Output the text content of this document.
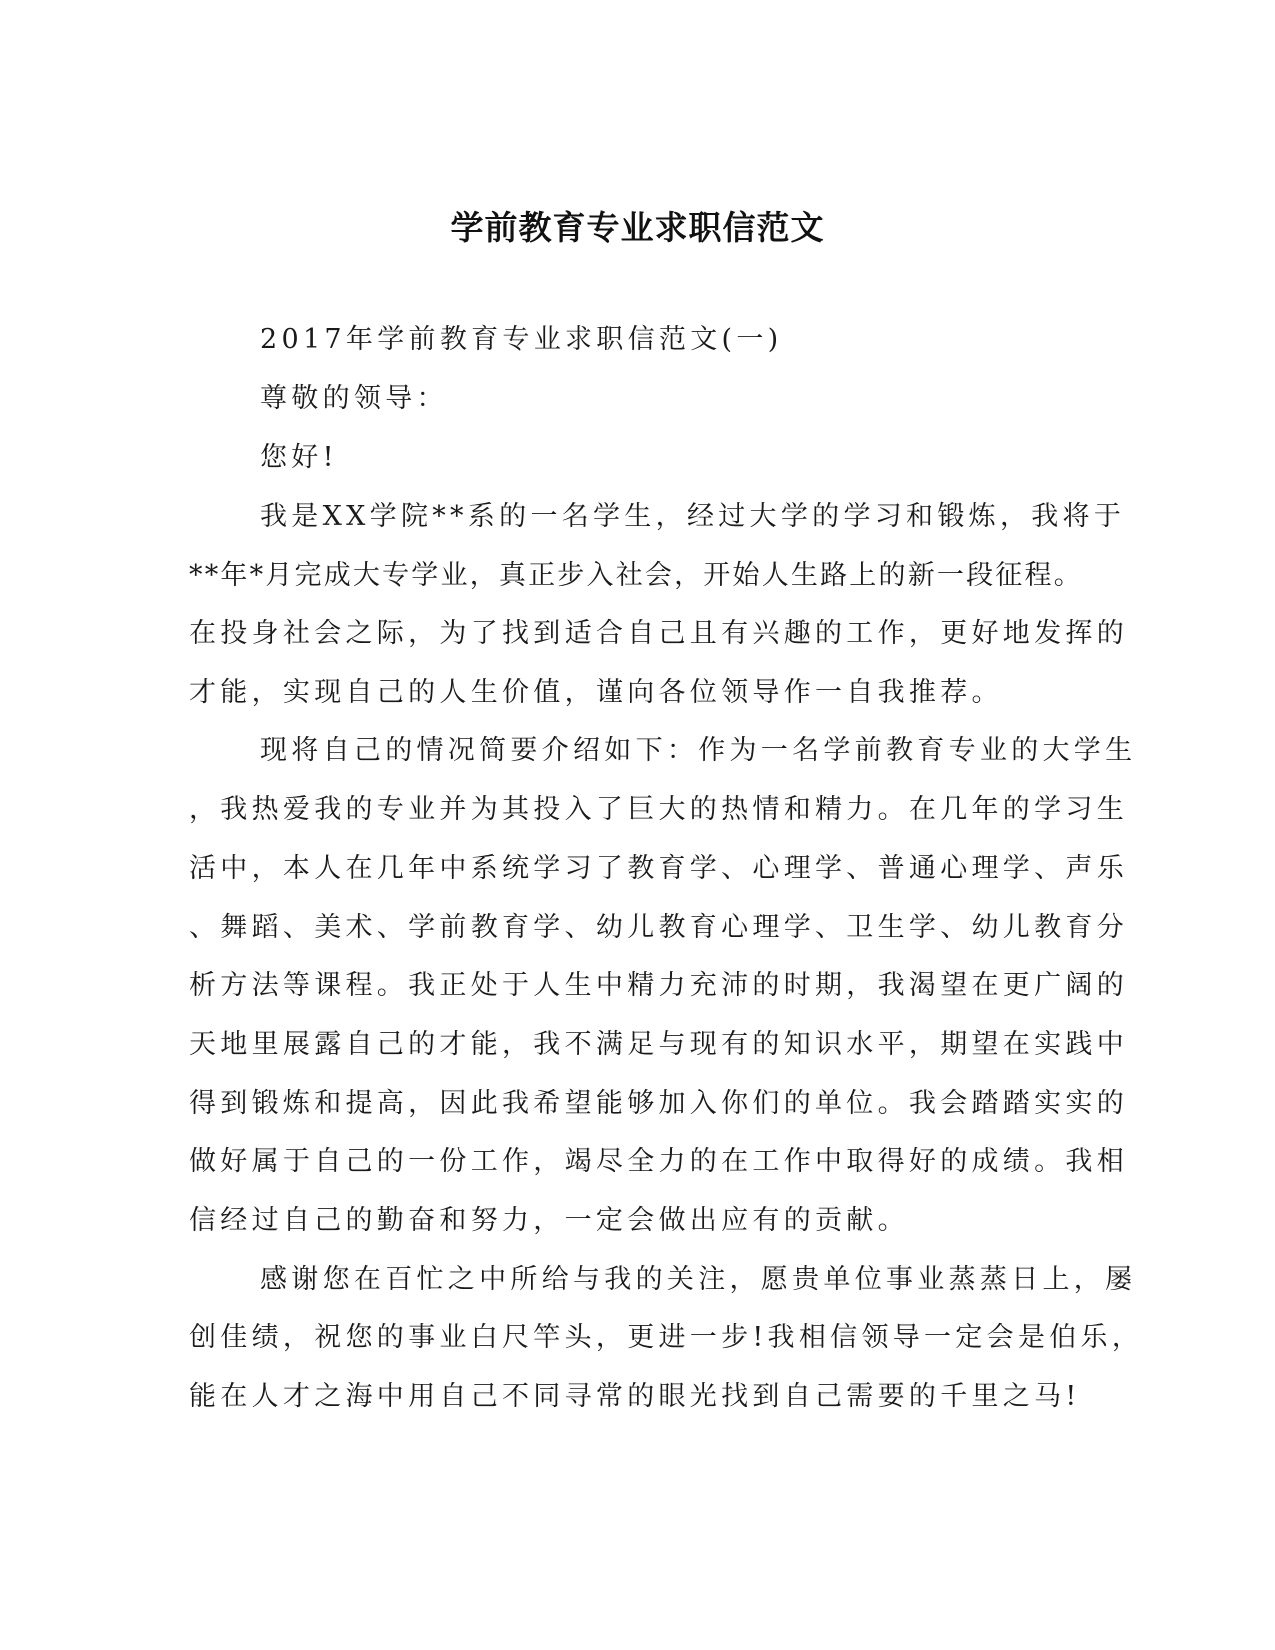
学前教育专业求职信范文
2017年学前教育专业求职信范文(一)
尊敬的领导：
您好!
我是XX学院**系的一名学生，经过大学的学习和锻炼，我将于
**年*月完成大专学业，真正步入社会，开始人生路上的新一段征程。
在投身社会之际，为了找到适合自己且有兴趣的工作，更好地发挥的
才能，实现自己的人生价值，谨向各位领导作一自我推荐。
现将自己的情况简要介绍如下：作为一名学前教育专业的大学生
，我热爱我的专业并为其投入了巨大的热情和精力。在几年的学习生
活中，本人在几年中系统学习了教育学、心理学、普通心理学、声乐
、舞蹈、美术、学前教育学、幼儿教育心理学、卫生学、幼儿教育分
析方法等课程。我正处于人生中精力充沛的时期，我渴望在更广阔的
天地里展露自己的才能，我不满足与现有的知识水平，期望在实践中
得到锻炼和提高，因此我希望能够加入你们的单位。我会踏踏实实的
做好属于自己的一份工作，竭尽全力的在工作中取得好的成绩。我相
信经过自己的勤奋和努力，一定会做出应有的贡献。
感谢您在百忙之中所给与我的关注，愿贵单位事业蒸蒸日上，屡
创佳绩，祝您的事业白尺竿头，更进一步!我相信领导一定会是伯乐，
能在人才之海中用自己不同寻常的眼光找到自己需要的千里之马!
